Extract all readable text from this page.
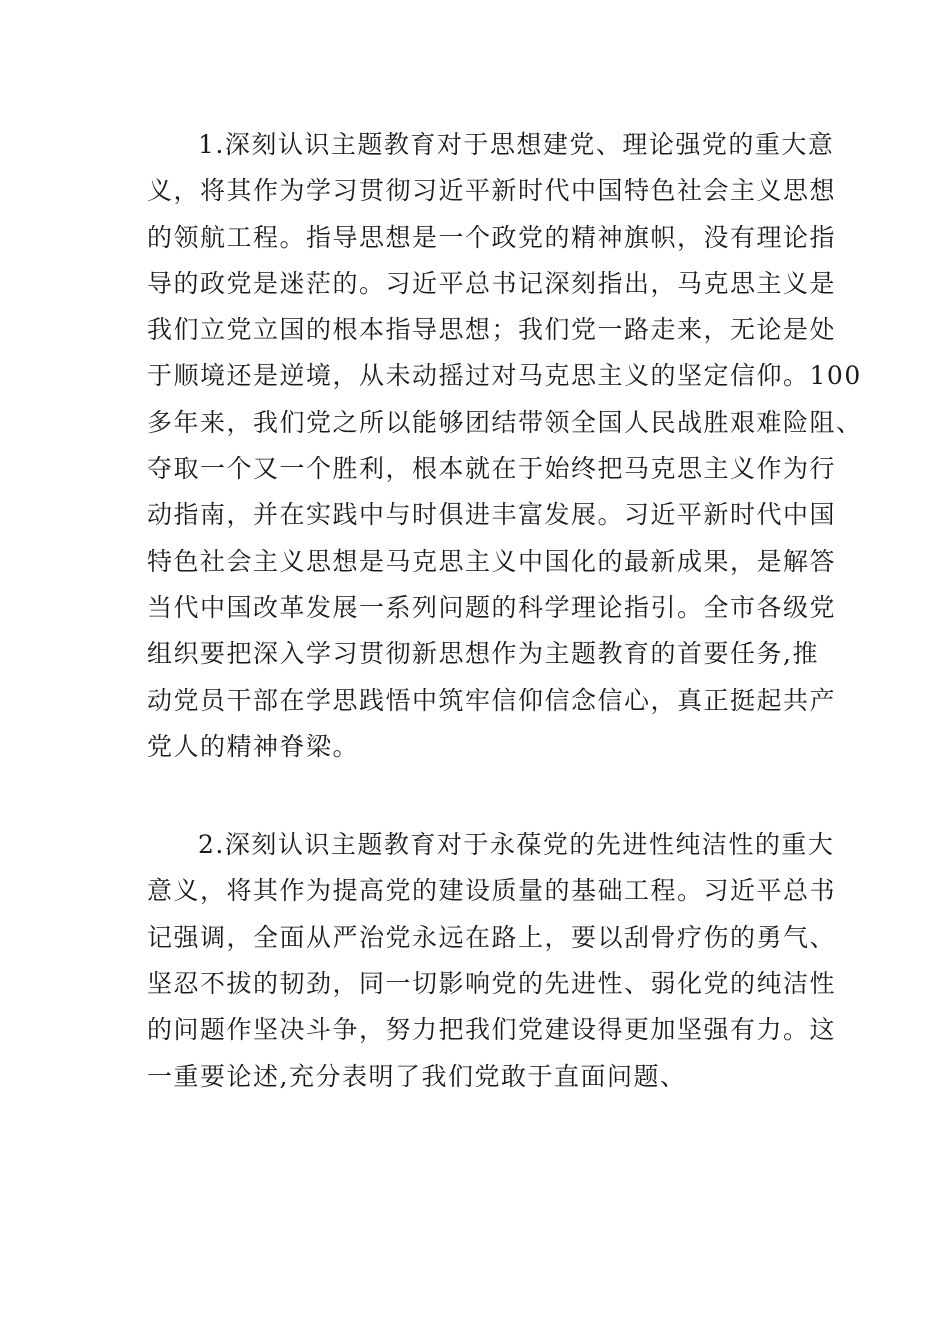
1.深刻认识主题教育对于思想建党、理论强党的重大意
义，将其作为学习贯彻习近平新时代中国特色社会主义思想
的领航工程。指导思想是一个政党的精神旗帜，没有理论指
导的政党是迷茫的。习近平总书记深刻指出，马克思主义是
我们立党立国的根本指导思想；我们党一路走来，无论是处
于顺境还是逆境，从未动摇过对马克思主义的坚定信仰。100
多年来，我们党之所以能够团结带领全国人民战胜艰难险阻、
夺取一个又一个胜利，根本就在于始终把马克思主义作为行
动指南，并在实践中与时俱进丰富发展。习近平新时代中国
特色社会主义思想是马克思主义中国化的最新成果，是解答
当代中国改革发展一系列问题的科学理论指引。全市各级党
组织要把深入学习贯彻新思想作为主题教育的首要任务,推
动党员干部在学思践悟中筑牢信仰信念信心，真正挺起共产
党人的精神脊梁。

2.深刻认识主题教育对于永葆党的先进性纯洁性的重大
意义，将其作为提高党的建设质量的基础工程。习近平总书
记强调，全面从严治党永远在路上，要以刮骨疗伤的勇气、
坚忍不拔的韧劲，同一切影响党的先进性、弱化党的纯洁性
的问题作坚决斗争，努力把我们党建设得更加坚强有力。这
一重要论述,充分表明了我们党敢于直面问题、
